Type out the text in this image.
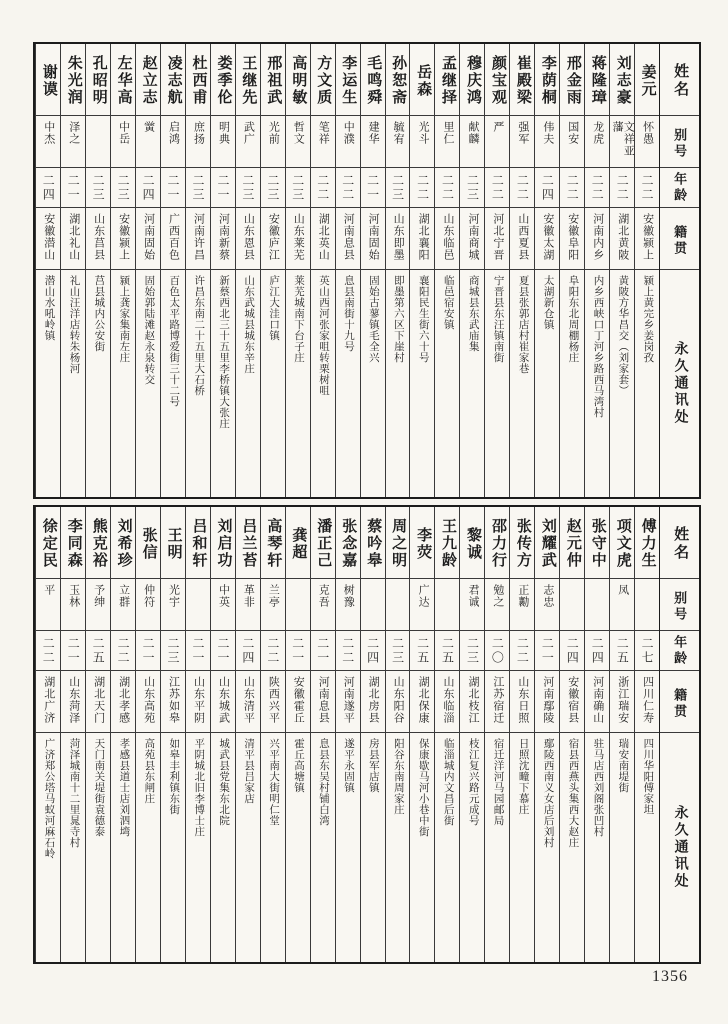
姓名
别号
年龄
籍贯
永久通讯处
姜元
怀愚
二二
安徽颍上
颍上黄完乡姜岗孜
刘志豪
文祥亚藩
二二
湖北黄陂
黄陂方华昌交（刘家套）
蒋隆璋
龙虎
二二
河南内乡
内乡西峡口丁河乡路西马湾村
邢金雨
国安
二二
安徽阜阳
阜阳东北周棚杨庄
李荫桐
伟夫
二四
安徽太湖
太湖新仓镇
崔殿梁
强军
二二
山西夏县
夏县张郭店村崔家巷
颜宝观
严
二二
河北宁晋
宁晋县东汪镇南街
穆庆鸿
献麟
二三
河南商城
商城县东武庙集
孟继择
里仁
二二
山东临邑
临邑宿安镇
岳森
光斗
二二
湖北襄阳
襄阳民生街六十号
孙恕斋
毓宥
二三
山东即墨
即墨第六区下崖村
毛鸣舜
建华
二一
河南固始
固始古蓼镇毛全兴
李运生
中濮
二二
河南息县
息县南街十九号
方文质
笔祥
二二
湖北英山
英山西河张家咀转栗树咀
高明敏
哲文
二三
山东莱芜
莱芜城南下台子庄
邢祖武
光前
二三
安徽庐江
庐江大洼口镇
王继先
武广
二三
山东恩县
山东武城县城东辛庄
娄季伦
明典
二一
河南新蔡
新蔡西北三十五里李桥镇大张庄
杜西甫
庶扬
二三
河南许昌
许昌东南二十五里大石桥
凌志航
启鸿
二一
广西百色
百色太平路博爱街三十二号
赵立志
黉
二四
河南固始
固始郭陆滩赵永泉转交
左华高
中岳
二三
安徽颍上
颍上龚家集南左庄
孔昭明
二三
山东莒县
莒县城内公安街
朱光润
泽之
二一
湖北礼山
礼山汪洋店转朱杨河
谢谟
中杰
二四
安徽潜山
潜山水吼岭镇
姓名
别号
年龄
籍贯
永久通讯处
傅力生
二七
四川仁寿
四川华阳傅家坦
项文虎
凤
二五
浙江瑞安
瑞安南堤街
张守中
二四
河南确山
驻马店西刘阁张凹村
赵元仲
二四
安徽宿县
宿县西燕头集西大赵庄
刘耀武
志忠
二一
河南鄢陵
鄢陵西南义女店后刘村
张传方
正勷
二二
山东日照
日照沈疃下慕庄
邵力行
勉之
二〇
江苏宿迁
宿迁洋河马园邮局
黎诚
君诚
二三
湖北枝江
枝江复兴路元成号
王九龄
二五
山东临淄
临淄城内文昌后街
李荧
广达
二五
湖北保康
保康歇马河小巷中街
周之明
二三
山东阳谷
阳谷东南周家庄
蔡吟皋
二四
湖北房县
房县军店镇
张念嘉
树豫
二二
河南遂平
遂平永固镇
潘正己
克吾
二一
河南息县
息县东吴村铺白湾
龚超
二一
安徽霍丘
霍丘高塘镇
高琴轩
兰亭
二二
陕西兴平
兴平南大街明仁堂
吕兰苔
革非
二四
山东清平
清平县吕家店
刘启功
中英
二一
山东城武
城武县党集东北院
吕和轩
二一
山东平阴
平阴城北旧李博士庄
王明
光宇
二三
江苏如皋
如皋丰利镇东街
张信
仲符
二一
山东高苑
高苑县东闸庄
刘希珍
立群
二二
湖北孝感
孝感县道士店刘泗塆
熊克裕
予绅
二五
湖北天门
天门南关堤街袁德泰
李同森
玉林
二一
山东菏泽
菏泽城南十二里晁寺村
徐定民
平
二二
湖北广济
广济郑公塔马蚁河麻石岭
1356
